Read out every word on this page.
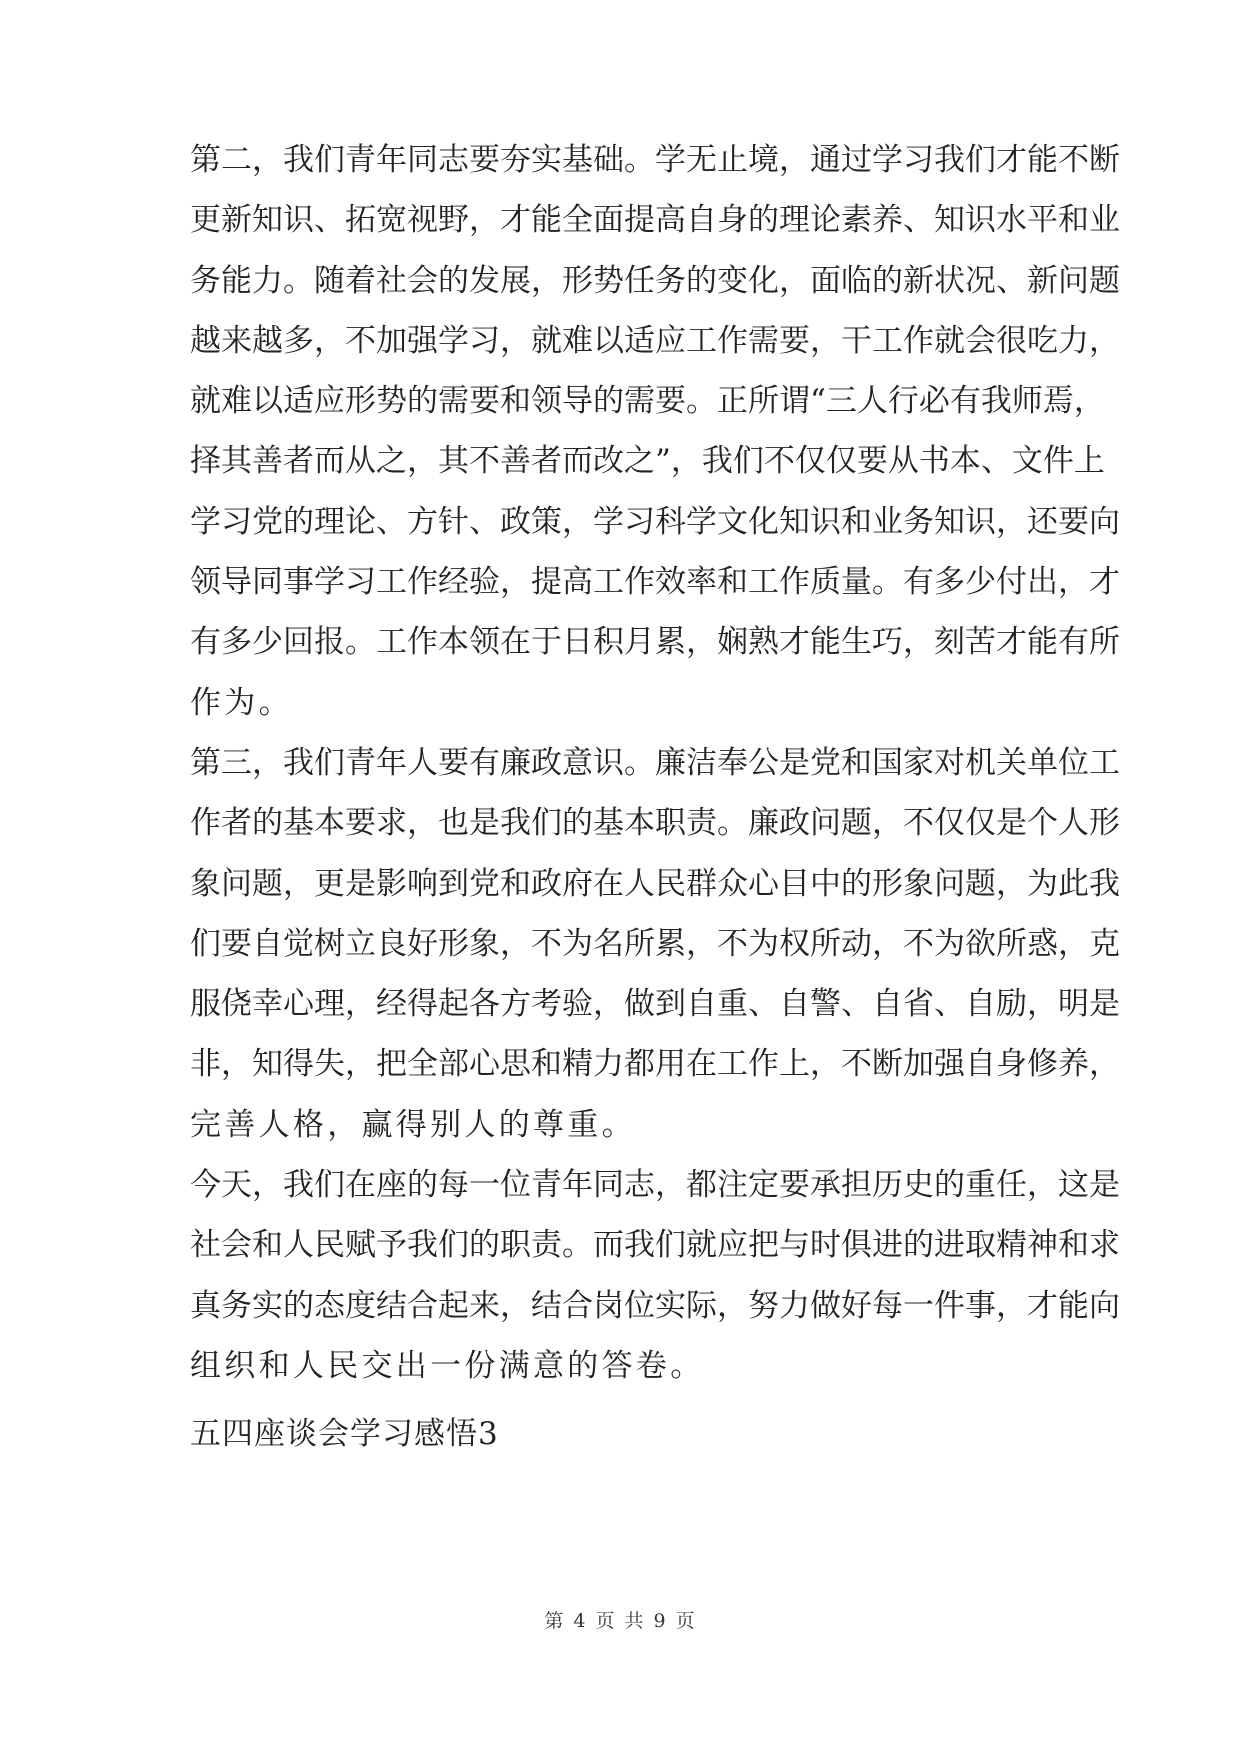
第二，我们青年同志要夯实基础。学无止境，通过学习我们才能不断
更新知识、拓宽视野，才能全面提高自身的理论素养、知识水平和业
务能力。随着社会的发展，形势任务的变化，面临的新状况、新问题
越来越多，不加强学习，就难以适应工作需要，干工作就会很吃力，
就难以适应形势的需要和领导的需要。正所谓“三人行必有我师焉，
择其善者而从之，其不善者而改之”，我们不仅仅要从书本、文件上
学习党的理论、方针、政策，学习科学文化知识和业务知识，还要向
领导同事学习工作经验，提高工作效率和工作质量。有多少付出，才
有多少回报。工作本领在于日积月累，娴熟才能生巧，刻苦才能有所
作为。
第三，我们青年人要有廉政意识。廉洁奉公是党和国家对机关单位工
作者的基本要求，也是我们的基本职责。廉政问题，不仅仅是个人形
象问题，更是影响到党和政府在人民群众心目中的形象问题，为此我
们要自觉树立良好形象，不为名所累，不为权所动，不为欲所惑，克
服侥幸心理，经得起各方考验，做到自重、自警、自省、自励，明是
非，知得失，把全部心思和精力都用在工作上，不断加强自身修养，
完善人格，赢得别人的尊重。
今天，我们在座的每一位青年同志，都注定要承担历史的重任，这是
社会和人民赋予我们的职责。而我们就应把与时俱进的进取精神和求
真务实的态度结合起来，结合岗位实际，努力做好每一件事，才能向
组织和人民交出一份满意的答卷。
五四座谈会学习感悟3
第 4 页 共 9 页
